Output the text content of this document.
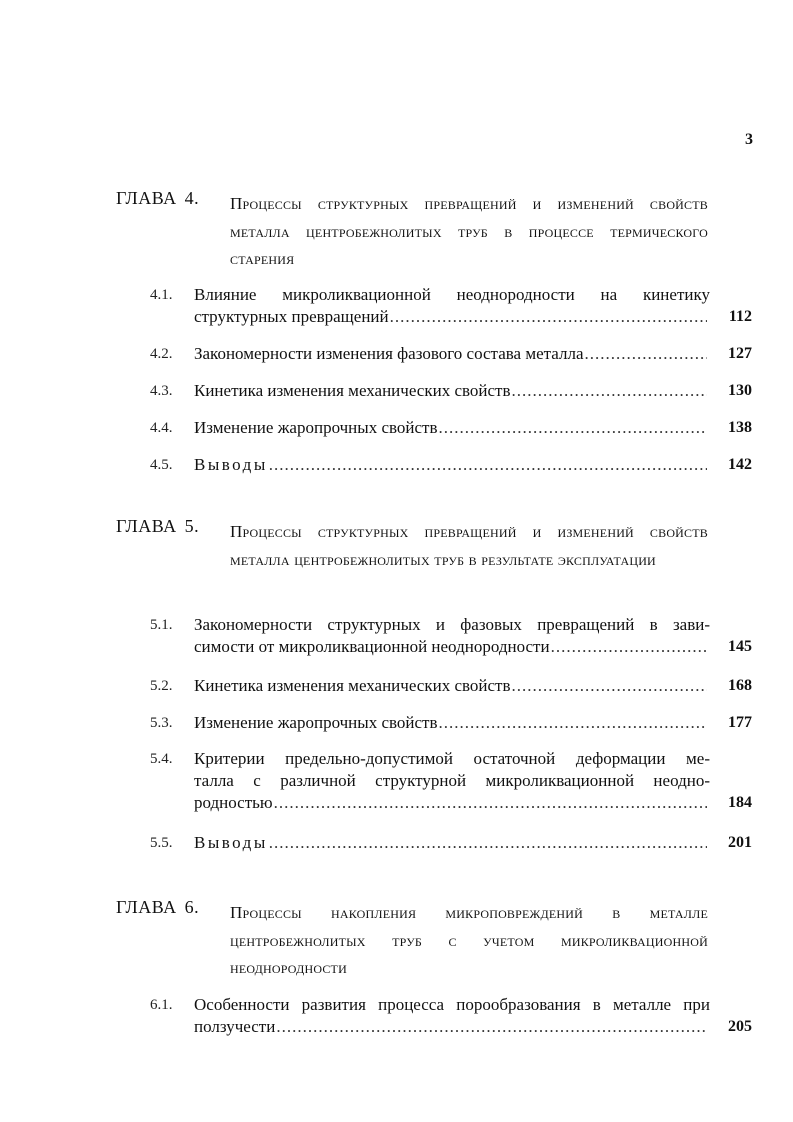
3
ГЛАВА 4. Процессы структурных превращений и изменений свойств металла центробежнолитых труб в процессе термического старения
4.1.	Влияние микроликвационной неоднородности на кинетику
структурных превращений .....	112
4.2.	Закономерности изменения фазового состава металла .....	127
4.3.	Кинетика изменения механических свойств .....	130
4.4.	Изменение жаропрочных свойств .....	138
4.5.	Выводы .....	142
ГЛАВА 5. Процессы структурных превращений и изменений свойств металла центробежнолитых труб в результате эксплуатации
5.1.	Закономерности структурных и фазовых превращений в зави-
симости от микроликвационной неоднородности .....	145
5.2.	Кинетика изменения механических свойств .....	168
5.3.	Изменение жаропрочных свойств .....	177
5.4.	Критерии предельно-допустимой остаточной деформации ме-
талла с различной структурной микроликвационной неодно-
родностью .....	184
5.5.	Выводы .....	201
ГЛАВА 6. Процессы накопления микроповреждений в металле центробежнолитых труб с учетом микроликвационной неоднородности
6.1.	Особенности развития процесса порообразования в металле при
ползучести .....	205
